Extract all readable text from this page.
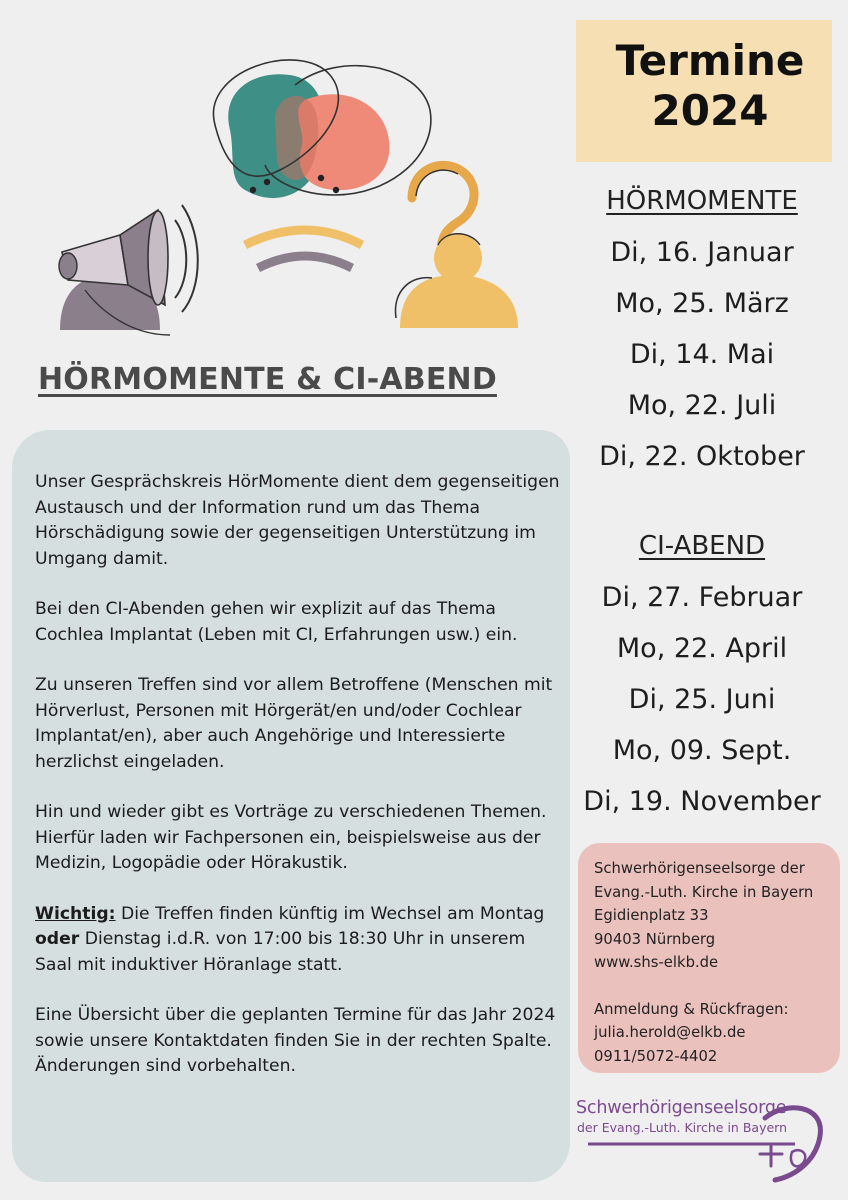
HÖRMOMENTE & CI-ABEND

Unser Gesprächskreis HörMomente dient dem gegenseitigen Austausch und der Information rund um das Thema Hörschädigung sowie der gegenseitigen Unterstützung im Umgang damit.

Bei den CI-Abenden gehen wir explizit auf das Thema Cochlea Implantat (Leben mit CI, Erfahrungen usw.) ein.

Zu unseren Treffen sind vor allem Betroffene (Menschen mit Hörverlust, Personen mit Hörgerät/en und/oder Cochlear Implantat/en), aber auch Angehörige und Interessierte herzlichst eingeladen.

Hin und wieder gibt es Vorträge zu verschiedenen Themen. Hierfür laden wir Fachpersonen ein, beispielsweise aus der Medizin, Logopädie oder Hörakustik.

Wichtig: Die Treffen finden künftig im Wechsel am Montag oder Dienstag i.d.R. von 17:00 bis 18:30 Uhr in unserem Saal mit induktiver Höranlage statt.

Eine Übersicht über die geplanten Termine für das Jahr 2024 sowie unsere Kontaktdaten finden Sie in der rechten Spalte. Änderungen sind vorbehalten.

Termine
2024
HÖRMOMENTE
Di, 16. Januar
Mo, 25. März
Di, 14. Mai
Mo, 22. Juli
Di, 22. Oktober
CI-ABEND
Di, 27. Februar
Mo, 22. April
Di, 25. Juni
Mo, 09. Sept.
Di, 19. November
Schwerhörigenseelsorge der
Evang.-Luth. Kirche in Bayern
Egidienplatz 33
90403 Nürnberg
www.shs-elkb.de
Anmeldung & Rückfragen:
julia.herold@elkb.de
0911/5072-4402
Schwerhörigenseelsorge
der Evang.-Luth. Kirche in Bayern
